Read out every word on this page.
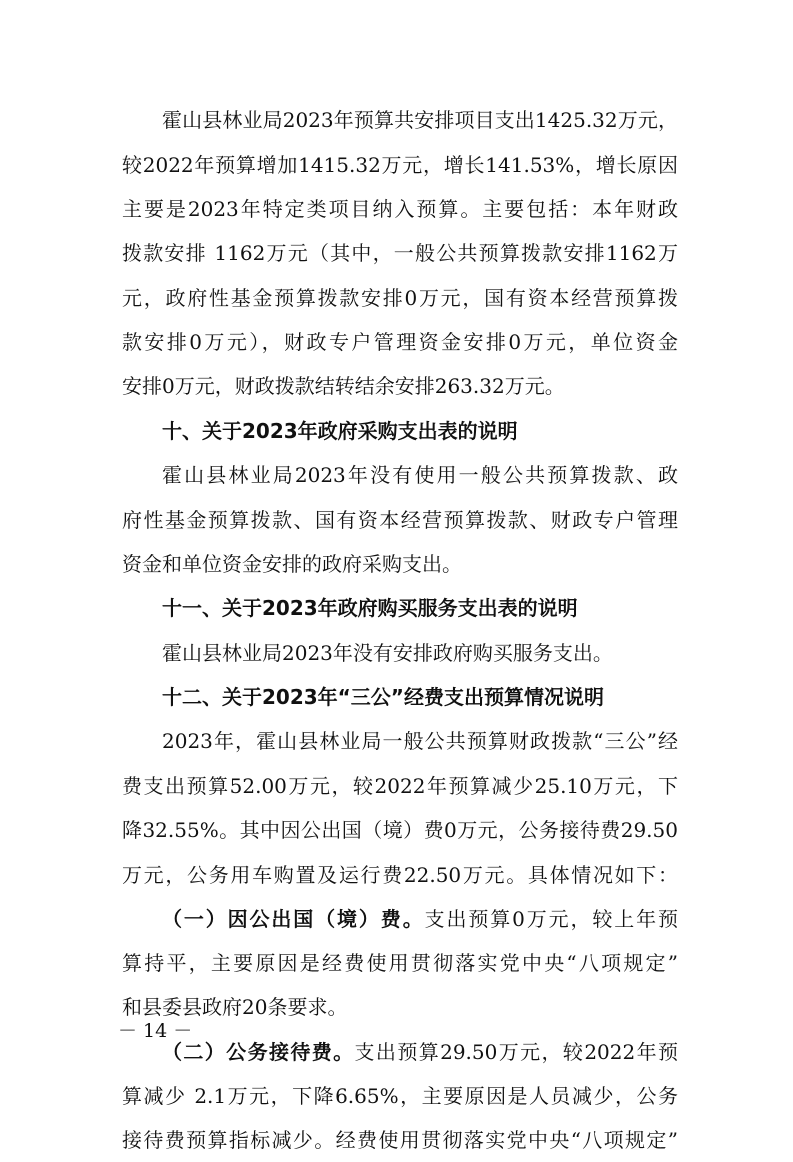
霍山县林业局2023年预算共安排项目支出1425.32万元，
较2022年预算增加1415.32万元，增长141.53%，增长原因
主要是2023年特定类项目纳入预算。主要包括：本年财政
拨款安排 1162万元（其中，一般公共预算拨款安排1162万
元，政府性基金预算拨款安排0万元，国有资本经营预算拨
款安排0万元），财政专户管理资金安排0万元，单位资金
安排0万元，财政拨款结转结余安排263.32万元。
十、关于2023年政府采购支出表的说明
霍山县林业局2023年没有使用一般公共预算拨款、政
府性基金预算拨款、国有资本经营预算拨款、财政专户管理
资金和单位资金安排的政府采购支出。
十一、关于2023年政府购买服务支出表的说明
霍山县林业局2023年没有安排政府购买服务支出。
十二、关于2023年“三公”经费支出预算情况说明
2023年，霍山县林业局一般公共预算财政拨款“三公”经
费支出预算52.00万元，较2022年预算减少25.10万元，下
降32.55%。其中因公出国（境）费0万元，公务接待费29.50
万元，公务用车购置及运行费22.50万元。具体情况如下：
（一）因公出国（境）费。支出预算0万元，较上年预
算持平，主要原因是经费使用贯彻落实党中央“八项规定”
和县委县政府20条要求。
（二）公务接待费。支出预算29.50万元，较2022年预
算减少 2.1万元，下降6.65%，主要原因是人员减少，公务
接待费预算指标减少。经费使用贯彻落实党中央“八项规定”
－ 14 －
